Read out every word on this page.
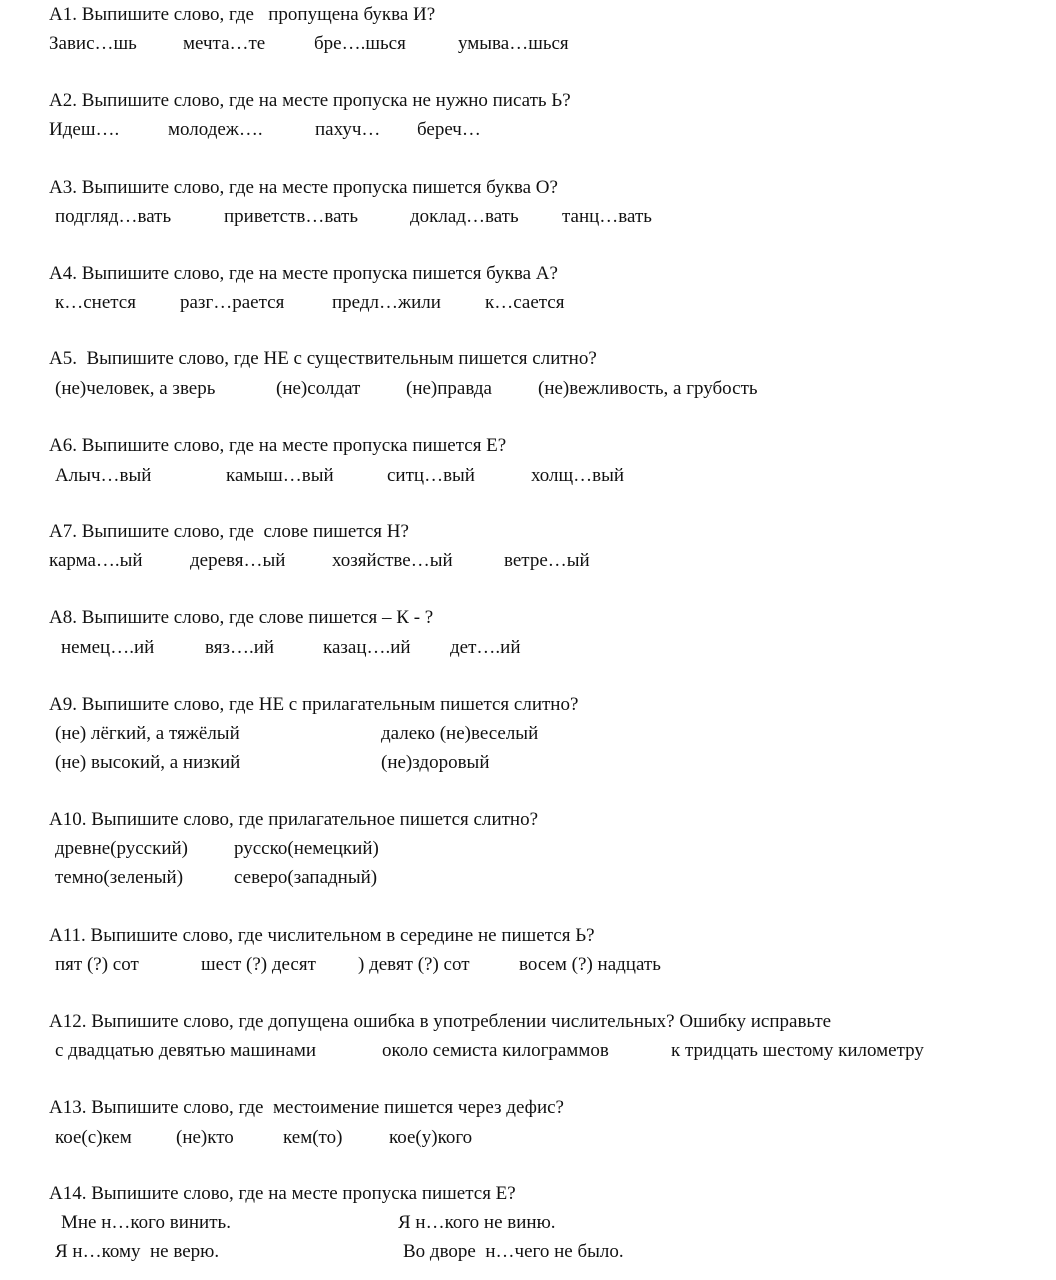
А1. Выпишите слово, где   пропущена буква И?
Завис…шь мечта…те	бре….шься	умыва…шься
А2. Выпишите слово, где на месте пропуска не нужно писать Ь?
Идеш….	молодеж….	пахуч… береч…
А3. Выпишите слово, где на месте пропуска пишется буква О?
подгляд…вать	приветств…вать	доклад…вать танц…вать
А4. Выпишите слово, где на месте пропуска пишется буква А?
к…снется разг…рается	предл…жили к…сается
А5.  Выпишите слово, где НЕ с существительным пишется слитно?
(не)человек, а зверь	(не)солдат (не)правда (не)вежливость, а грубость
А6. Выпишите слово, где на месте пропуска пишется Е?
Алыч…вый	камыш…вый	ситц…вый	холщ…вый
А7. Выпишите слово, где  слове пишется Н?
карма….ый деревя…ый хозяйстве…ый	ветре…ый
А8. Выпишите слово, где слове пишется – К - ?
немец….ий	вяз….ий	казац….ий дет….ий
А9. Выпишите слово, где НЕ с прилагательным пишется слитно?
(не) лёгкий, а тяжёлый	далеко (не)веселый
(не) высокий, а низкий	(не)здоровый
А10. Выпишите слово, где прилагательное пишется слитно?
древне(русский) русско(немецкий)
темно(зеленый)	северо(западный)
А11. Выпишите слово, где числительном в середине не пишется Ь?
пят (?) сот	шест (?) десят ) девят (?) сот	восем (?) надцать
А12. Выпишите слово, где допущена ошибка в употреблении числительных? Ошибку исправьте
с двадцатью девятью машинами	около семиста килограммов	к тридцать шестому километру
А13. Выпишите слово, где  местоимение пишется через дефис?
кое(с)кем (не)кто	кем(то) кое(у)кого
А14. Выпишите слово, где на месте пропуска пишется Е?
Мне н…кого винить.	Я н…кого не виню.
Я н…кому  не верю.	Во дворе  н…чего не было.
